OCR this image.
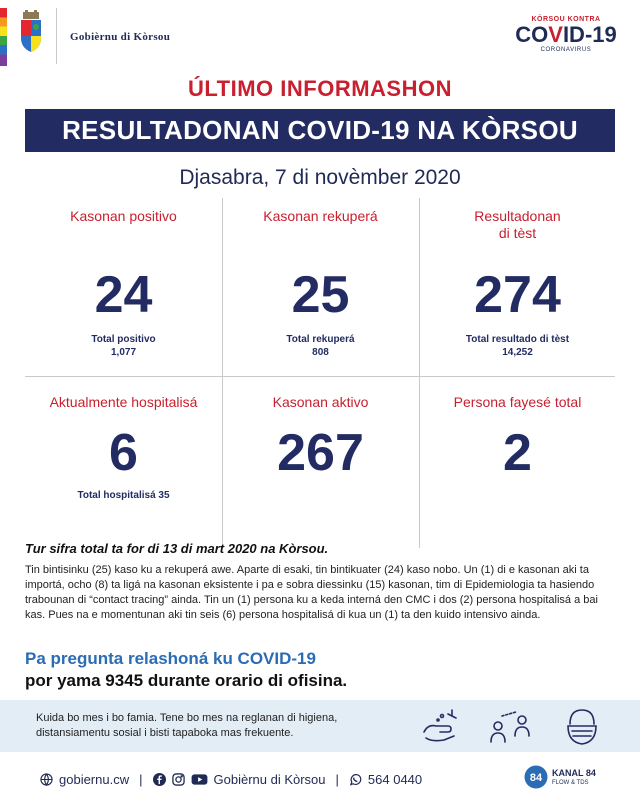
Gobièrnu di Kòrsou
KÒRSOU KONTRA
COVID-19
CORONAVIRUS
ÚLTIMO INFORMASHON
RESULTADONAN COVID-19 NA KÒRSOU
Djasabra, 7 di novèmber 2020
Kasonan positivo
24
Total positivo
1,077
Kasonan rekuperá
25
Total rekuperá
808
Resultadonan
di tèst
274
Total resultado di tèst
14,252
Aktualmente hospitalisá
6
Total hospitalisá 35
Kasonan aktivo
267
Persona fayesé total
2
Tur sifra total ta for di 13 di mart 2020 na Kòrsou.
Tin bintisinku (25) kaso ku a rekuperá awe. Aparte di esaki, tin bintikuater (24) kaso nobo. Un (1) di e kasonan aki ta importá, ocho (8) ta ligá na kasonan eksistente i pa e sobra diessinku (15) kasonan, tim di Epidemiologia ta hasiendo trabounan di “contact tracing” ainda. Tin un (1) persona ku a keda interná den CMC i dos (2) persona hospitalisá a bai kas. Pues na e momentunan aki tin seis (6) persona hospitalisá di kua un (1) ta den kuido intensivo ainda.
Pa pregunta relashoná ku COVID-19
por yama 9345 durante orario di ofisina.
Kuida bo mes i bo famia. Tene bo mes na reglanan di higiena,
distansiamentu sosial i bisti tapaboka mas frekuente.
gobiernu.cw |	Gobièrnu di Kòrsou | 564 0440	84 KANAL 84
FLOW & TDS
